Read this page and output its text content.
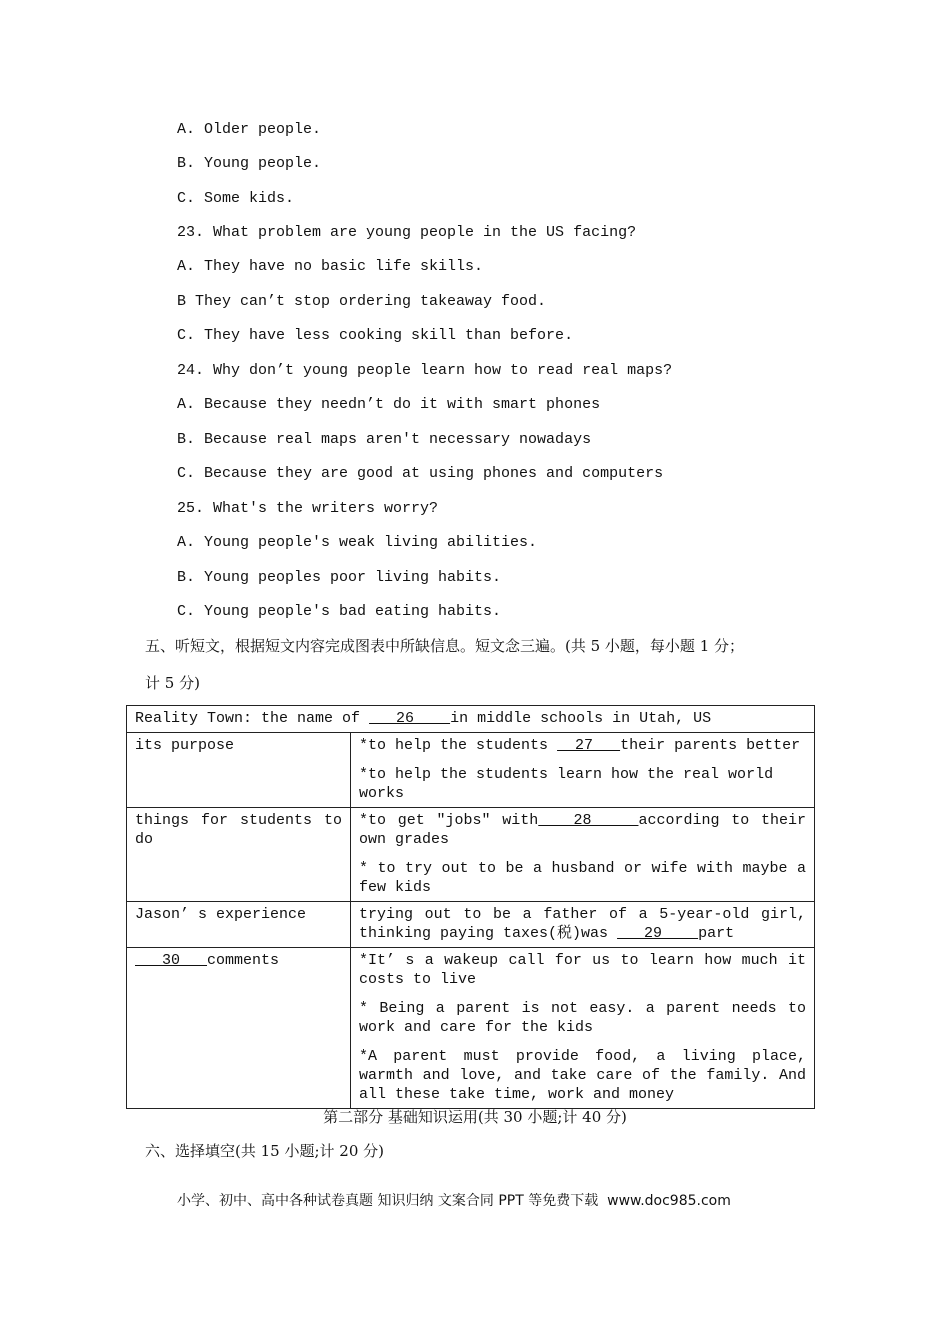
A. Older people.
B. Young people.
C. Some kids.
23. What problem are young people in the US facing?
A. They have no basic life skills.
B They can’t stop ordering takeaway food.
C. They have less cooking skill than before.
24. Why don’t young people learn how to read real maps?
A. Because they needn’t do it with smart phones
B. Because real maps aren't necessary nowadays
C. Because they are good at using phones and computers
25. What's the writers worry?
A. Young people's weak living abilities.
B. Young peoples poor living habits.
C. Young people's bad eating habits.
五、听短文，根据短文内容完成图表中所缺信息。短文念三遍。(共 5 小题，每小题 1 分；
计 5 分)
Reality Town: the name of    26    in middle schools in Utah, US	
its purpose	*to help the students   27   their parents better

*to help the students learn how the real world works

things for students to do	*to get ″jobs″ with   28    according to their own grades

* to try out to be a husband or wife with maybe a few kids

Jason’ s experience	trying out to be a father of a 5-year-old girl, thinking paying taxes(税)was    29    part
30   comments	*It’ s a wakeup call for us to learn how much it costs to live

* Being a parent is not easy. a parent needs to work and care for the kids

*A parent must provide food, a living place, warmth and love, and take care of the family. And all these take time, work and money

第二部分 基础知识运用(共 30 小题;计 40 分)
六、选择填空(共 15 小题;计 20 分)
小学、初中、高中各种试卷真题 知识归纳 文案合同 PPT 等免费下载  www.doc985.com
